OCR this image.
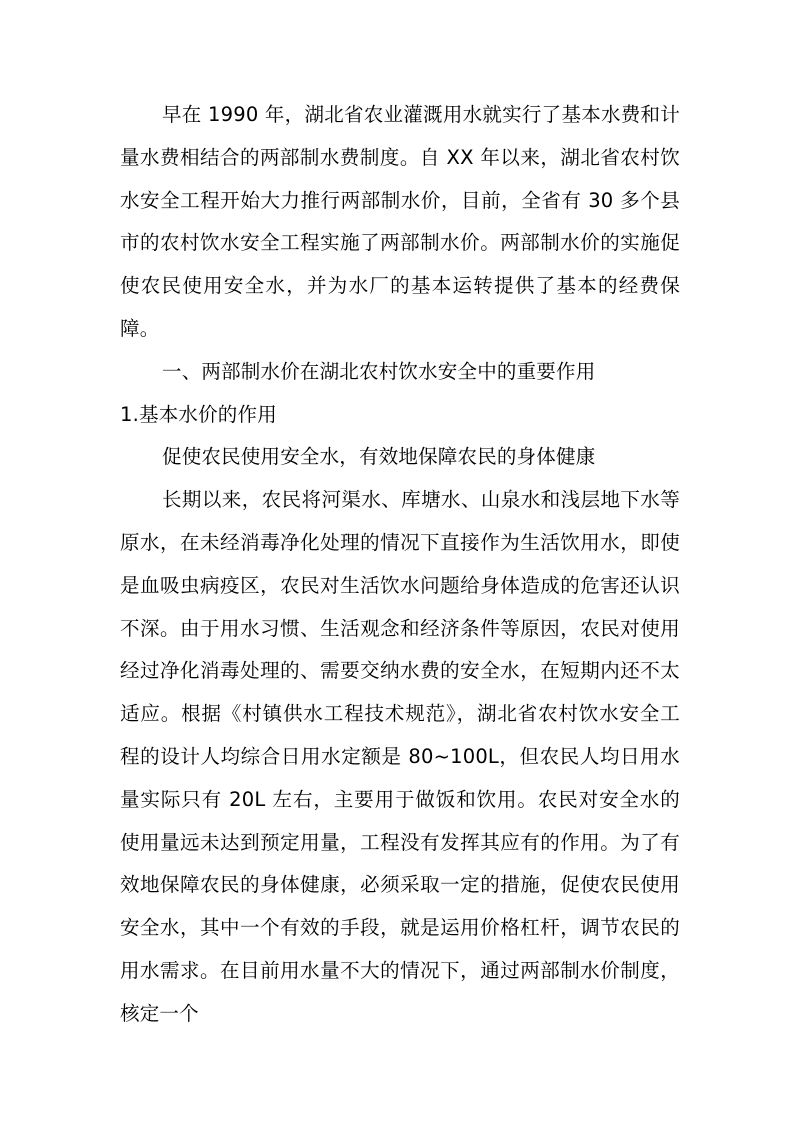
早在 1990 年，湖北省农业灌溉用水就实行了基本水费和计量水费相结合的两部制水费制度。自 XX 年以来，湖北省农村饮水安全工程开始大力推行两部制水价，目前，全省有 30 多个县市的农村饮水安全工程实施了两部制水价。两部制水价的实施促使农民使用安全水，并为水厂的基本运转提供了基本的经费保障。

一、两部制水价在湖北农村饮水安全中的重要作用

1.基本水价的作用

促使农民使用安全水，有效地保障农民的身体健康

长期以来，农民将河渠水、库塘水、山泉水和浅层地下水等原水，在未经消毒净化处理的情况下直接作为生活饮用水，即使是血吸虫病疫区，农民对生活饮水问题给身体造成的危害还认识不深。由于用水习惯、生活观念和经济条件等原因，农民对使用经过净化消毒处理的、需要交纳水费的安全水，在短期内还不太适应。根据《村镇供水工程技术规范》，湖北省农村饮水安全工程的设计人均综合日用水定额是 80~100L，但农民人均日用水量实际只有 20L 左右，主要用于做饭和饮用。农民对安全水的使用量远未达到预定用量，工程没有发挥其应有的作用。为了有效地保障农民的身体健康，必须采取一定的措施，促使农民使用安全水，其中一个有效的手段，就是运用价格杠杆，调节农民的用水需求。在目前用水量不大的情况下，通过两部制水价制度，核定一个
